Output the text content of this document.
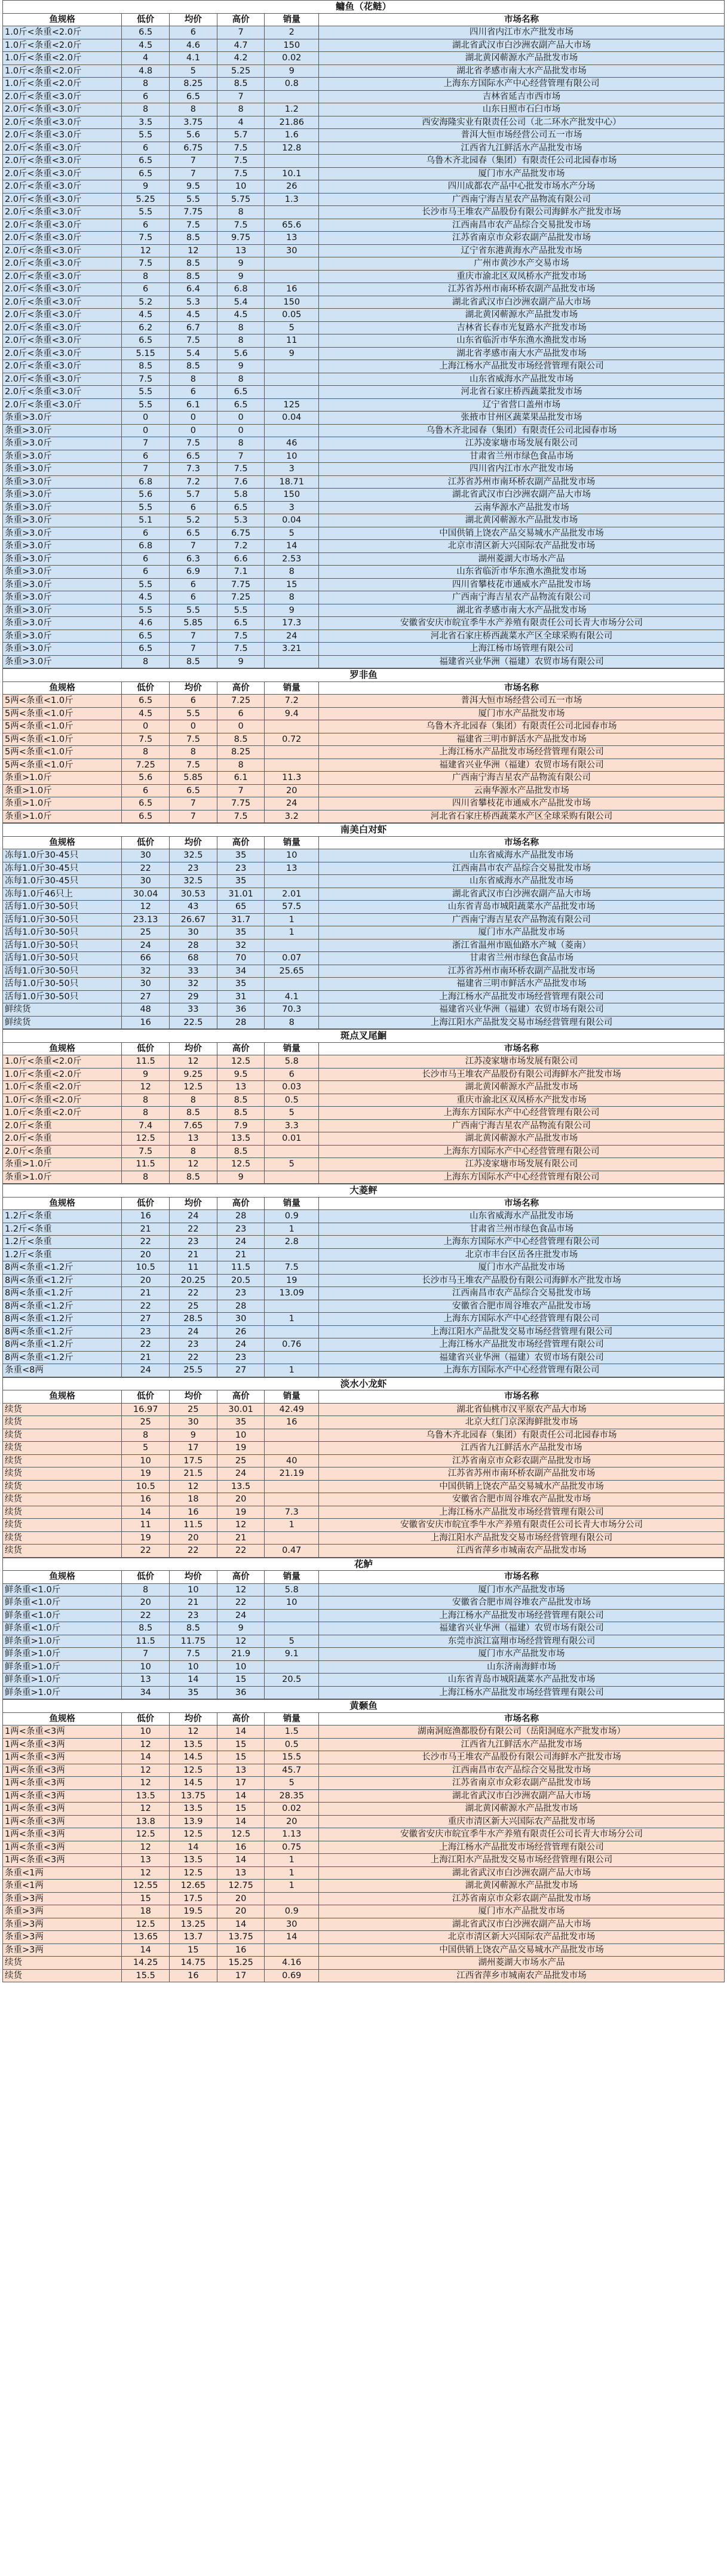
鳙鱼（花鲢）					
鱼规格	低价	均价	高价	销量	市场名称
1.0斤<条重<2.0斤	6.5	6	7	2	四川省内江市水产批发市场
1.0斤<条重<2.0斤	4.5	4.6	4.7	150	湖北省武汉市白沙洲农副产品大市场
1.0斤<条重<2.0斤	4	4.1	4.2	0.02	湖北黄冈蕲源水产品批发市场
1.0斤<条重<2.0斤	4.8	5	5.25	9	湖北省孝感市南大水产品批发市场
1.0斤<条重<2.0斤	8	8.25	8.5	0.8	上海东方国际水产中心经营管理有限公司
2.0斤<条重<3.0斤	6	6.5	7		吉林省延吉市西市场
2.0斤<条重<3.0斤	8	8	8	1.2	山东日照市石臼市场
2.0斤<条重<3.0斤	3.5	3.75	4	21.86	西安海隆实业有限责任公司（北二环水产批发中心）
2.0斤<条重<3.0斤	5.5	5.6	5.7	1.6	普洱大恒市场经营公司五一市场
2.0斤<条重<3.0斤	6	6.75	7.5	12.8	江西省九江鲜活水产品批发市场
2.0斤<条重<3.0斤	6.5	7	7.5		乌鲁木齐北园春（集团）有限责任公司北园春市场
2.0斤<条重<3.0斤	6.5	7	7.5	10.1	厦门市水产品批发市场
2.0斤<条重<3.0斤	9	9.5	10	26	四川成都农产品中心批发市场水产分场
2.0斤<条重<3.0斤	5.25	5.5	5.75	1.3	广西南宁海吉星农产品物流有限公司
2.0斤<条重<3.0斤	5.5	7.75	8		长沙市马王堆农产品股份有限公司海鲜水产批发市场
2.0斤<条重<3.0斤	6	7.5	7.5	65.6	江西南昌市农产品综合交易批发市场
2.0斤<条重<3.0斤	7.5	8.5	9.75	13	江苏省南京市众彩农副产品批发市场
2.0斤<条重<3.0斤	12	12	13	30	辽宁省东港黄海水产品批发市场
2.0斤<条重<3.0斤	7.5	8.5	9		广州市黄沙水产交易市场
2.0斤<条重<3.0斤	8	8.5	9		重庆市渝北区双凤桥水产批发市场
2.0斤<条重<3.0斤	6	6.4	6.8	16	江苏省苏州市南环桥农副产品批发市场
2.0斤<条重<3.0斤	5.2	5.3	5.4	150	湖北省武汉市白沙洲农副产品大市场
2.0斤<条重<3.0斤	4.5	4.5	4.5	0.05	湖北黄冈蕲源水产品批发市场
2.0斤<条重<3.0斤	6.2	6.7	8	5	吉林省长春市光复路水产批发市场
2.0斤<条重<3.0斤	6.5	7.5	8	11	山东省临沂市华东渔水渔批发市场
2.0斤<条重<3.0斤	5.15	5.4	5.6	9	湖北省孝感市南大水产品批发市场
2.0斤<条重<3.0斤	8.5	8.5	9		上海江杨水产品批发市场经营管理有限公司
2.0斤<条重<3.0斤	7.5	8	8		山东省威海水产品批发市场
2.0斤<条重<3.0斤	5.5	6	6.5		河北省石家庄桥西蔬菜批发市场
2.0斤<条重<3.0斤	5.5	6.1	6.5	125	辽宁省营口盖州市场
条重>3.0斤	0	0	0	0.04	张掖市甘州区蔬菜果品批发市场
条重>3.0斤	0	0	0		乌鲁木齐北园春（集团）有限责任公司北园春市场
条重>3.0斤	7	7.5	8	46	江苏凌家塘市场发展有限公司
条重>3.0斤	6	6.5	7	10	甘肃省兰州市绿色食品市场
条重>3.0斤	7	7.3	7.5	3	四川省内江市水产批发市场
条重>3.0斤	6.8	7.2	7.6	18.71	江苏省苏州市南环桥农副产品批发市场
条重>3.0斤	5.6	5.7	5.8	150	湖北省武汉市白沙洲农副产品大市场
条重>3.0斤	5.5	6	6.5	3	云南华源水产品批发市场
条重>3.0斤	5.1	5.2	5.3	0.04	湖北黄冈蕲源水产品批发市场
条重>3.0斤	6	6.5	6.75	5	中国供销上饶农产品交易城水产品批发市场
条重>3.0斤	6.8	7	7.2	14	北京市清区新大兴国际农产品批发市场
条重>3.0斤	6	6.3	6.6	2.53	湖州菱湖大市场水产品
条重>3.0斤	6	6.9	7.1	8	山东省临沂市华东渔水渔批发市场
条重>3.0斤	5.5	6	7.75	15	四川省攀枝花市通威水产品批发市场
条重>3.0斤	4.5	6	7.25	8	广西南宁海吉星农产品物流有限公司
条重>3.0斤	5.5	5.5	5.5	9	湖北省孝感市南大水产品批发市场
条重>3.0斤	4.6	5.85	6.5	17.3	安徽省安庆市皖宜季牛水产养殖有限责任公司长青大市场分公司
条重>3.0斤	6.5	7	7.5	24	河北省石家庄桥西蔬菜水产区全球采购有限公司
条重>3.0斤	6.5	7	7.5	3.21	上海江杨市场管理有限公司
条重>3.0斤	8	8.5	9		福建省兴业华洲（福建）农贸市场有限公司
罗非鱼					
鱼规格	低价	均价	高价	销量	市场名称
5两<条重<1.0斤	6.5	6	7.25	7.2	普洱大恒市场经营公司五一市场
5两<条重<1.0斤	4.5	5.5	6	9.4	厦门市水产品批发市场
5两<条重<1.0斤	0	0	0		乌鲁木齐北园春（集团）有限责任公司北园春市场
5两<条重<1.0斤	7.5	7.5	8.5	0.72	福建省三明市鲜活水产品批发市场
5两<条重<1.0斤	8	8	8.25		上海江杨水产品批发市场经营管理有限公司
5两<条重<1.0斤	7.25	7.5	8		福建省兴业华洲（福建）农贸市场有限公司
条重>1.0斤	5.6	5.85	6.1	11.3	广西南宁海吉星农产品物流有限公司
条重>1.0斤	6	6.5	7	20	云南华源水产品批发市场
条重>1.0斤	6.5	7	7.75	24	四川省攀枝花市通威水产品批发市场
条重>1.0斤	6.5	7	7.5	3.2	河北省石家庄桥西蔬菜水产区全球采购有限公司
南美白对虾					
鱼规格	低价	均价	高价	销量	市场名称
冻每1.0斤30-45只	30	32.5	35	10	山东省威海水产品批发市场
冻每1.0斤30-45只	22	23	23	13	江西南昌市农产品综合交易批发市场
冻每1.0斤30-45只	30	32.5	35		山东省威海水产品批发市场
冻每1.0斤46只上	30.04	30.53	31.01	2.01	湖北省武汉市白沙洲农副产品大市场
活每1.0斤30-50只	12	43	65	57.5	山东省青岛市城阳蔬菜水产品批发市场
活每1.0斤30-50只	23.13	26.67	31.7	1	广西南宁海吉星农产品物流有限公司
活每1.0斤30-50只	25	30	35	1	厦门市水产品批发市场
活每1.0斤30-50只	24	28	32		浙江省温州市瓯仙路水产城（菱南）
活每1.0斤30-50只	66	68	70	0.07	甘肃省兰州市绿色食品市场
活每1.0斤30-50只	32	33	34	25.65	江苏省苏州市南环桥农副产品批发市场
活每1.0斤30-50只	30	32	35		福建省三明市鲜活水产品批发市场
活每1.0斤30-50只	27	29	31	4.1	上海江杨水产品批发市场经营管理有限公司
鲜续货	48	33	36	70.3	福建省兴业华洲（福建）农贸市场有限公司
鲜续货	16	22.5	28	8	上海江阳水产品批发交易市场经营管理有限公司
斑点叉尾鮰					
鱼规格	低价	均价	高价	销量	市场名称
1.0斤<条重<2.0斤	11.5	12	12.5	5.8	江苏凌家塘市场发展有限公司
1.0斤<条重<2.0斤	9	9.25	9.5	6	长沙市马王堆农产品股份有限公司海鲜水产批发市场
1.0斤<条重<2.0斤	12	12.5	13	0.03	湖北黄冈蕲源水产品批发市场
1.0斤<条重<2.0斤	8	8	8.5	0.5	重庆市渝北区双凤桥水产批发市场
1.0斤<条重<2.0斤	8	8.5	8.5	5	上海东方国际水产中心经营管理有限公司
2.0斤<条重	7.4	7.65	7.9	3.3	广西南宁海吉星农产品物流有限公司
2.0斤<条重	12.5	13	13.5	0.01	湖北黄冈蕲源水产品批发市场
2.0斤<条重	7.5	8	8.5		上海东方国际水产中心经营管理有限公司
条重>1.0斤	11.5	12	12.5	5	江苏凌家塘市场发展有限公司
条重>1.0斤	8	8.5	9		上海东方国际水产中心经营管理有限公司
大菱鲆					
鱼规格	低价	均价	高价	销量	市场名称
1.2斤<条重	16	24	28	0.9	山东省威海水产品批发市场
1.2斤<条重	21	22	23	1	甘肃省兰州市绿色食品市场
1.2斤<条重	22	23	24	2.8	上海东方国际水产中心经营管理有限公司
1.2斤<条重	20	21	21		北京市丰台区岳各庄批发市场
8两<条重<1.2斤	10.5	11	11.5	7.5	厦门市水产品批发市场
8两<条重<1.2斤	20	20.25	20.5	19	长沙市马王堆农产品股份有限公司海鲜水产批发市场
8两<条重<1.2斤	21	22	23	13.09	江西南昌市农产品综合交易批发市场
8两<条重<1.2斤	22	25	28		安徽省合肥市周谷堆农产品批发市场
8两<条重<1.2斤	27	28.5	30	1	上海东方国际水产中心经营管理有限公司
8两<条重<1.2斤	23	24	26		上海江阳水产品批发交易市场经营管理有限公司
8两<条重<1.2斤	22	23	24	0.76	上海江杨水产品批发市场经营管理有限公司
8两<条重<1.2斤	21	22	23		福建省兴业华洲（福建）农贸市场有限公司
条重<8两	24	25.5	27	1	上海东方国际水产中心经营管理有限公司
淡水小龙虾					
鱼规格	低价	均价	高价	销量	市场名称
续货	16.97	25	30.01	42.49	湖北省仙桃市汉平原农产品大市场
续货	25	30	35	16	北京大红门京深海鲜批发市场
续货	8	9	10		乌鲁木齐北园春（集团）有限责任公司北园春市场
续货	5	17	19		江西省九江鲜活水产品批发市场
续货	10	17.5	25	40	江苏省南京市众彩农副产品批发市场
续货	19	21.5	24	21.19	江苏省苏州市南环桥农副产品批发市场
续货	10.5	12	13.5		中国供销上饶农产品交易城水产品批发市场
续货	16	18	20		安徽省合肥市周谷堆农产品批发市场
续货	14	16	19	7.3	上海江杨水产品批发市场经营管理有限公司
续货	11	11.5	12	1	安徽省安庆市皖宜季牛水产养殖有限责任公司长青大市场分公司
续货	19	20	21		上海江阳水产品批发交易市场经营管理有限公司
续货	22	22	22	0.47	江西省萍乡市城南农产品批发市场
花鲈					
鱼规格	低价	均价	高价	销量	市场名称
鲜条重<1.0斤	8	10	12	5.8	厦门市水产品批发市场
鲜条重<1.0斤	20	21	22	10	安徽省合肥市周谷堆农产品批发市场
鲜条重<1.0斤	22	23	24		上海江杨水产品批发市场经营管理有限公司
鲜条重<1.0斤	8.5	8.5	9		福建省兴业华洲（福建）农贸市场有限公司
鲜条重>1.0斤	11.5	11.75	12	5	东莞市滨江富翔市场经营管理有限公司
鲜条重>1.0斤	7	7.5	21.9	9.1	厦门市水产品批发市场
鲜条重>1.0斤	10	10	10		山东济南海鲜市场
鲜条重>1.0斤	13	14	15	20.5	山东省青岛市城阳蔬菜水产品批发市场
鲜条重>1.0斤	34	35	36		上海江杨水产品批发市场经营管理有限公司
黄颡鱼					
鱼规格	低价	均价	高价	销量	市场名称
1两<条重<3两	10	12	14	1.5	湖南洞庭渔都股份有限公司（岳阳洞庭水产批发市场）
1两<条重<3两	12	13.5	15	0.5	江西省九江鲜活水产品批发市场
1两<条重<3两	14	14.5	15	15.5	长沙市马王堆农产品股份有限公司海鲜水产批发市场
1两<条重<3两	12	12.5	13	45.7	江西南昌市农产品综合交易批发市场
1两<条重<3两	12	14.5	17	5	江苏省南京市众彩农副产品批发市场
1两<条重<3两	13.5	13.75	14	28.35	湖北省武汉市白沙洲农副产品大市场
1两<条重<3两	12	13.5	15	0.02	湖北黄冈蕲源水产品批发市场
1两<条重<3两	13.8	13.9	14	20	重庆市清区新大兴国际农产品批发市场
1两<条重<3两	12.5	12.5	12.5	1.13	安徽省安庆市皖宜季牛水产养殖有限责任公司长青大市场分公司
1两<条重<3两	12	14	16	0.75	上海江杨水产品批发市场经营管理有限公司
1两<条重<3两	13	13.5	14	1	上海江阳水产品批发交易市场经营管理有限公司
条重<1两	12	12.5	13	1	湖北省武汉市白沙洲农副产品大市场
条重<1两	12.55	12.65	12.75	1	湖北黄冈蕲源水产品批发市场
条重>3两	15	17.5	20		江苏省南京市众彩农副产品批发市场
条重>3两	18	19.5	20	0.9	厦门市水产品批发市场
条重>3两	12.5	13.25	14	30	湖北省武汉市白沙洲农副产品大市场
条重>3两	13.65	13.7	13.75	14	北京市清区新大兴国际农产品批发市场
条重>3两	14	15	16		中国供销上饶农产品交易城水产品批发市场
续货	14.25	14.75	15.25	4.16	湖州菱湖大市场水产品
续货	15.5	16	17	0.69	江西省萍乡市城南农产品批发市场
